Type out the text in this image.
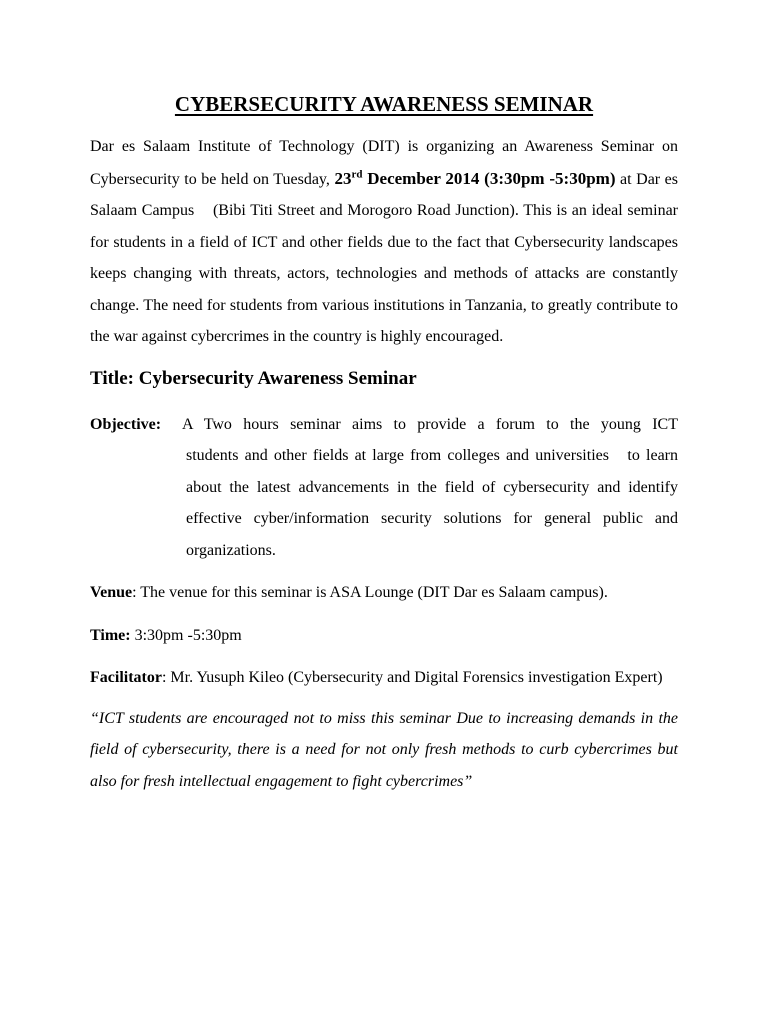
CYBERSECURITY AWARENESS SEMINAR

Dar es Salaam Institute of Technology (DIT) is organizing an Awareness Seminar on Cybersecurity to be held on Tuesday, 23rd December 2014 (3:30pm -5:30pm) at Dar es Salaam Campus    (Bibi Titi Street and Morogoro Road Junction). This is an ideal seminar for students in a field of ICT and other fields due to the fact that Cybersecurity landscapes keeps changing with threats, actors, technologies and methods of attacks are constantly change. The need for students from various institutions in Tanzania, to greatly contribute to the war against cybercrimes in the country is highly encouraged.

Title: Cybersecurity Awareness Seminar
Objective: A Two hours seminar aims to provide a forum to the young ICT
students and other fields at large from colleges and universities   to learn about the latest advancements in the field of cybersecurity and identify effective cyber/information security solutions for general public and organizations.
Venue: The venue for this seminar is ASA Lounge (DIT Dar es Salaam campus).
Time: 3:30pm -5:30pm
Facilitator: Mr. Yusuph Kileo (Cybersecurity and Digital Forensics investigation Expert)
“ICT students are encouraged not to miss this seminar Due to increasing demands in the field of cybersecurity, there is a need for not only fresh methods to curb cybercrimes but also for fresh intellectual engagement to fight cybercrimes”
